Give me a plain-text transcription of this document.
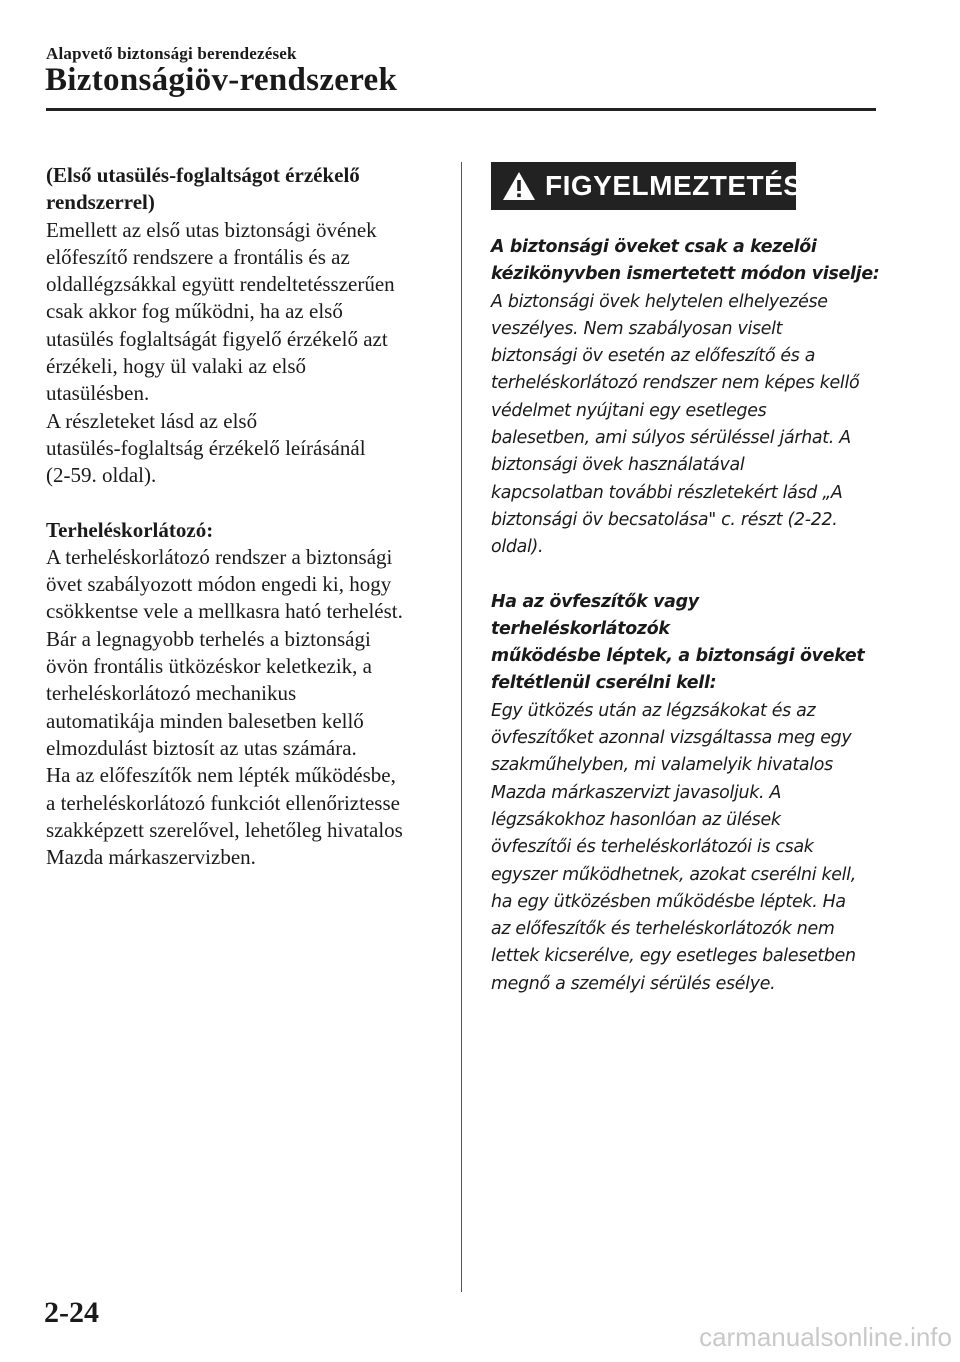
Alapvető biztonsági berendezések
Biztonságiöv-rendszerek

(Első utasülés-foglaltságot érzékelő

rendszerrel)

Emellett az első utas biztonsági övének

előfeszítő rendszere a frontális és az

oldallégzsákkal együtt rendeltetésszerűen

csak akkor fog működni, ha az első

utasülés foglaltságát figyelő érzékelő azt

érzékeli, hogy ül valaki az első

utasülésben.

A részleteket lásd az első

utasülés-foglaltság érzékelő leírásánál

(2-59. oldal).

Terheléskorlátozó:

A terheléskorlátozó rendszer a biztonsági

övet szabályozott módon engedi ki, hogy

csökkentse vele a mellkasra ható terhelést.

Bár a legnagyobb terhelés a biztonsági

övön frontális ütközéskor keletkezik, a

terheléskorlátozó mechanikus

automatikája minden balesetben kellő

elmozdulást biztosít az utas számára.

Ha az előfeszítők nem lépték működésbe,

a terheléskorlátozó funkciót ellenőriztesse

szakképzett szerelővel, lehetőleg hivatalos

Mazda márkaszervizben.

FIGYELMEZTETÉS

A biztonsági öveket csak a kezelői

kézikönyvben ismertetett módon viselje:

A biztonsági övek helytelen elhelyezése

veszélyes. Nem szabályosan viselt

biztonsági öv esetén az előfeszítő és a

terheléskorlátozó rendszer nem képes kellő

védelmet nyújtani egy esetleges

balesetben, ami súlyos sérüléssel járhat. A

biztonsági övek használatával

kapcsolatban további részletekért lásd „A

biztonsági öv becsatolása" c. részt (2-22.

oldal).

Ha az övfeszítők vagy terheléskorlátozók

működésbe léptek, a biztonsági öveket

feltétlenül cserélni kell:

Egy ütközés után az légzsákokat és az

övfeszítőket azonnal vizsgáltassa meg egy

szakműhelyben, mi valamelyik hivatalos

Mazda márkaszervizt javasoljuk. A

légzsákokhoz hasonlóan az ülések

övfeszítői és terheléskorlátozói is csak

egyszer működhetnek, azokat cserélni kell,

ha egy ütközésben működésbe léptek. Ha

az előfeszítők és terheléskorlátozók nem

lettek kicserélve, egy esetleges balesetben

megnő a személyi sérülés esélye.

2-24
carmanualsonline.info
